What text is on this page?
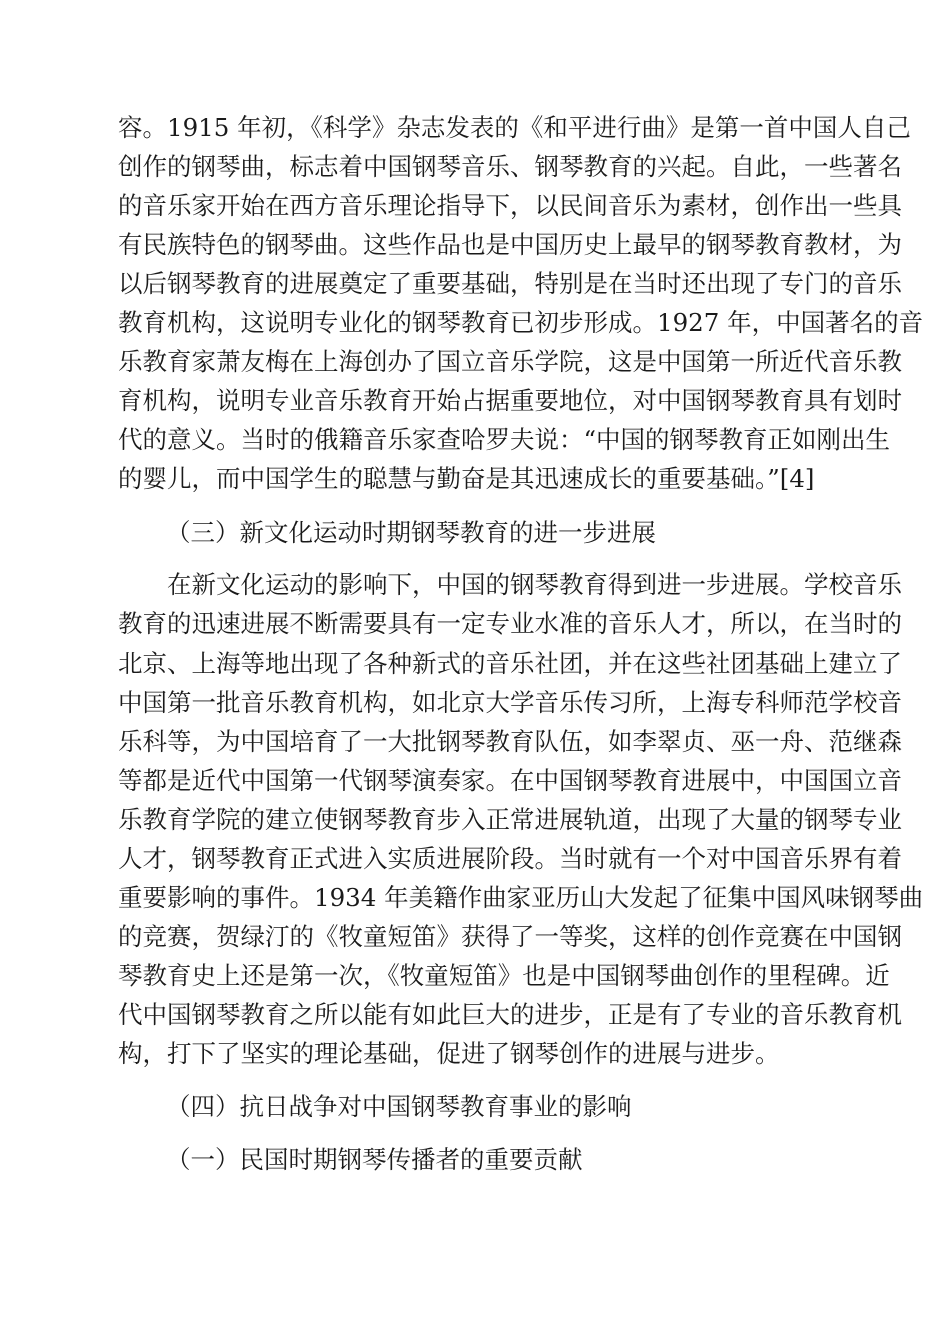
容。1915 年初，《科学》杂志发表的《和平进行曲》是第一首中国人自己
创作的钢琴曲，标志着中国钢琴音乐、钢琴教育的兴起。自此，一些著名
的音乐家开始在西方音乐理论指导下，以民间音乐为素材，创作出一些具
有民族特色的钢琴曲。这些作品也是中国历史上最早的钢琴教育教材，为
以后钢琴教育的进展奠定了重要基础，特别是在当时还出现了专门的音乐
教育机构，这说明专业化的钢琴教育已初步形成。1927 年，中国著名的音
乐教育家萧友梅在上海创办了国立音乐学院，这是中国第一所近代音乐教
育机构，说明专业音乐教育开始占据重要地位，对中国钢琴教育具有划时
代的意义。当时的俄籍音乐家查哈罗夫说：“中国的钢琴教育正如刚出生
的婴儿，而中国学生的聪慧与勤奋是其迅速成长的重要基础。”[4]
（三）新文化运动时期钢琴教育的进一步进展
　　在新文化运动的影响下，中国的钢琴教育得到进一步进展。学校音乐
教育的迅速进展不断需要具有一定专业水准的音乐人才，所以，在当时的
北京、上海等地出现了各种新式的音乐社团，并在这些社团基础上建立了
中国第一批音乐教育机构，如北京大学音乐传习所，上海专科师范学校音
乐科等，为中国培育了一大批钢琴教育队伍，如李翠贞、巫一舟、范继森
等都是近代中国第一代钢琴演奏家。在中国钢琴教育进展中，中国国立音
乐教育学院的建立使钢琴教育步入正常进展轨道，出现了大量的钢琴专业
人才，钢琴教育正式进入实质进展阶段。当时就有一个对中国音乐界有着
重要影响的事件。1934 年美籍作曲家亚历山大发起了征集中国风味钢琴曲
的竞赛，贺绿汀的《牧童短笛》获得了一等奖，这样的创作竞赛在中国钢
琴教育史上还是第一次，《牧童短笛》也是中国钢琴曲创作的里程碑。近
代中国钢琴教育之所以能有如此巨大的进步，正是有了专业的音乐教育机
构，打下了坚实的理论基础，促进了钢琴创作的进展与进步。
（四）抗日战争对中国钢琴教育事业的影响
（一）民国时期钢琴传播者的重要贡献
